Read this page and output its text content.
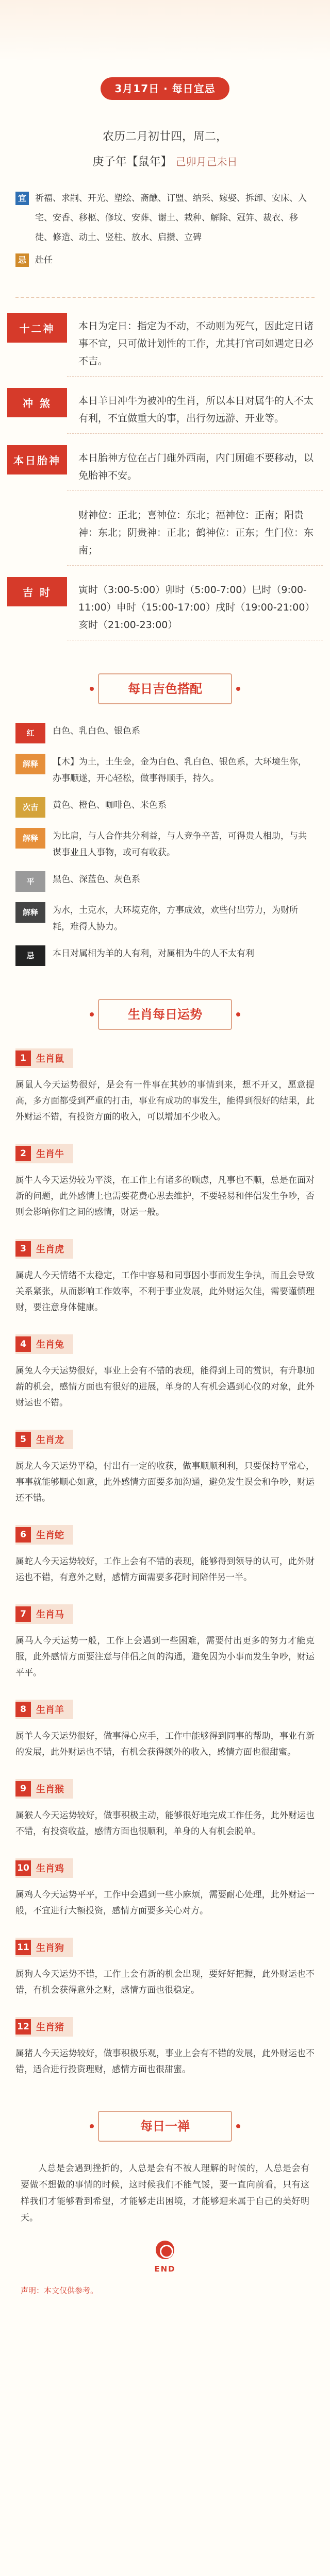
3月17日 · 每日宜忌
农历二月初廿四，周二，
庚子年【鼠年】 己卯月己未日
宜 祈福、求嗣、开光、塑绘、斋醮、订盟、纳采、嫁娶、拆卸、安床、入宅、安香、移柩、修坟、安葬、谢土、栽种、解除、冠笄、裁衣、移徙、修造、动土、竖柱、放水、启攒、立碑
忌 赴任
十二神	本日为定日：指定为不动，不动则为死气，因此定日诸事不宜，只可做计划性的工作，尤其打官司如遇定日必不吉。
冲 煞	本日羊日冲牛为被冲的生肖，所以本日对属牛的人不太有利，不宜做重大的事，出行勿远游、开业等。
本日胎神	本日胎神方位在占门碓外西南，内门厕碓不要移动，以免胎神不安。
财神位：正北；喜神位：东北；福神位：正南；阳贵神：东北；阴贵神：正北；鹤神位：正东；生门位：东南；
吉 时	寅时（3:00-5:00）卯时（5:00-7:00）巳时（9:00-11:00）申时（15:00-17:00）戌时（19:00-21:00）亥时（21:00-23:00）
每日吉色搭配
红	白色、乳白色、银色系
解释	【木】为土，土生金，金为白色、乳白色、银色系，大环境生你，办事顺遂，开心轻松，做事得顺手，持久。
次吉	黄色、橙色、咖啡色、米色系
解释	为比肩，与人合作共分利益，与人竞争辛苦，可得贵人相助，与共谋事业且人事物，或可有收获。
平	黑色、深蓝色、灰色系
解释	为水，土克水，大环境克你，方事成效，欢些付出劳力，为财所耗，难得人协力。
忌	本日对属相为羊的人有利，对属相为牛的人不太有利
生肖每日运势
1	生肖鼠
属鼠人今天运势很好，是会有一件事在其妙的事情到来，想不开又，愿意提高，多方面都受到严重的打击，事业有成功的事发生，能得到很好的结果，此外财运不错，有投资方面的收入，可以增加不少收入。
2	生肖牛
属牛人今天运势较为平淡，在工作上有诸多的顾虑，凡事也不顺，总是在面对新的问题，此外感情上也需要花费心思去维护，不要轻易和伴侣发生争吵，否则会影响你们之间的感情，财运一般。
3	生肖虎
属虎人今天情绪不太稳定，工作中容易和同事因小事而发生争执，而且会导致关系紧张，从而影响工作效率，不利于事业发展，此外财运欠佳，需要谨慎理财，要注意身体健康。
4	生肖兔
属兔人今天运势很好，事业上会有不错的表现，能得到上司的赏识，有升职加薪的机会，感情方面也有很好的进展，单身的人有机会遇到心仪的对象，此外财运也不错。
5	生肖龙
属龙人今天运势平稳，付出有一定的收获，做事顺顺利利，只要保持平常心，事事就能够顺心如意，此外感情方面要多加沟通，避免发生误会和争吵，财运还不错。
6	生肖蛇
属蛇人今天运势较好，工作上会有不错的表现，能够得到领导的认可，此外财运也不错，有意外之财，感情方面需要多花时间陪伴另一半。
7	生肖马
属马人今天运势一般，工作上会遇到一些困难，需要付出更多的努力才能克服，此外感情方面要注意与伴侣之间的沟通，避免因为小事而发生争吵，财运平平。
8	生肖羊
属羊人今天运势很好，做事得心应手，工作中能够得到同事的帮助，事业有新的发展，此外财运也不错，有机会获得额外的收入，感情方面也很甜蜜。
9	生肖猴
属猴人今天运势较好，做事积极主动，能够很好地完成工作任务，此外财运也不错，有投资收益，感情方面也很顺利，单身的人有机会脱单。
10 生肖鸡
属鸡人今天运势平平，工作中会遇到一些小麻烦，需要耐心处理，此外财运一般，不宜进行大额投资，感情方面要多关心对方。
11 生肖狗
属狗人今天运势不错，工作上会有新的机会出现，要好好把握，此外财运也不错，有机会获得意外之财，感情方面也很稳定。
12 生肖猪
属猪人今天运势较好，做事积极乐观，事业上会有不错的发展，此外财运也不错，适合进行投资理财，感情方面也很甜蜜。
每日一禅

人总是会遇到挫折的，人总是会有不被人理解的时候的，人总是会有要做不想做的事情的时候，这时候我们不能气馁，要一直向前看，只有这样我们才能够看到希望，才能够走出困境，才能够迎来属于自己的美好明天。

END
声明：本文仅供参考。
